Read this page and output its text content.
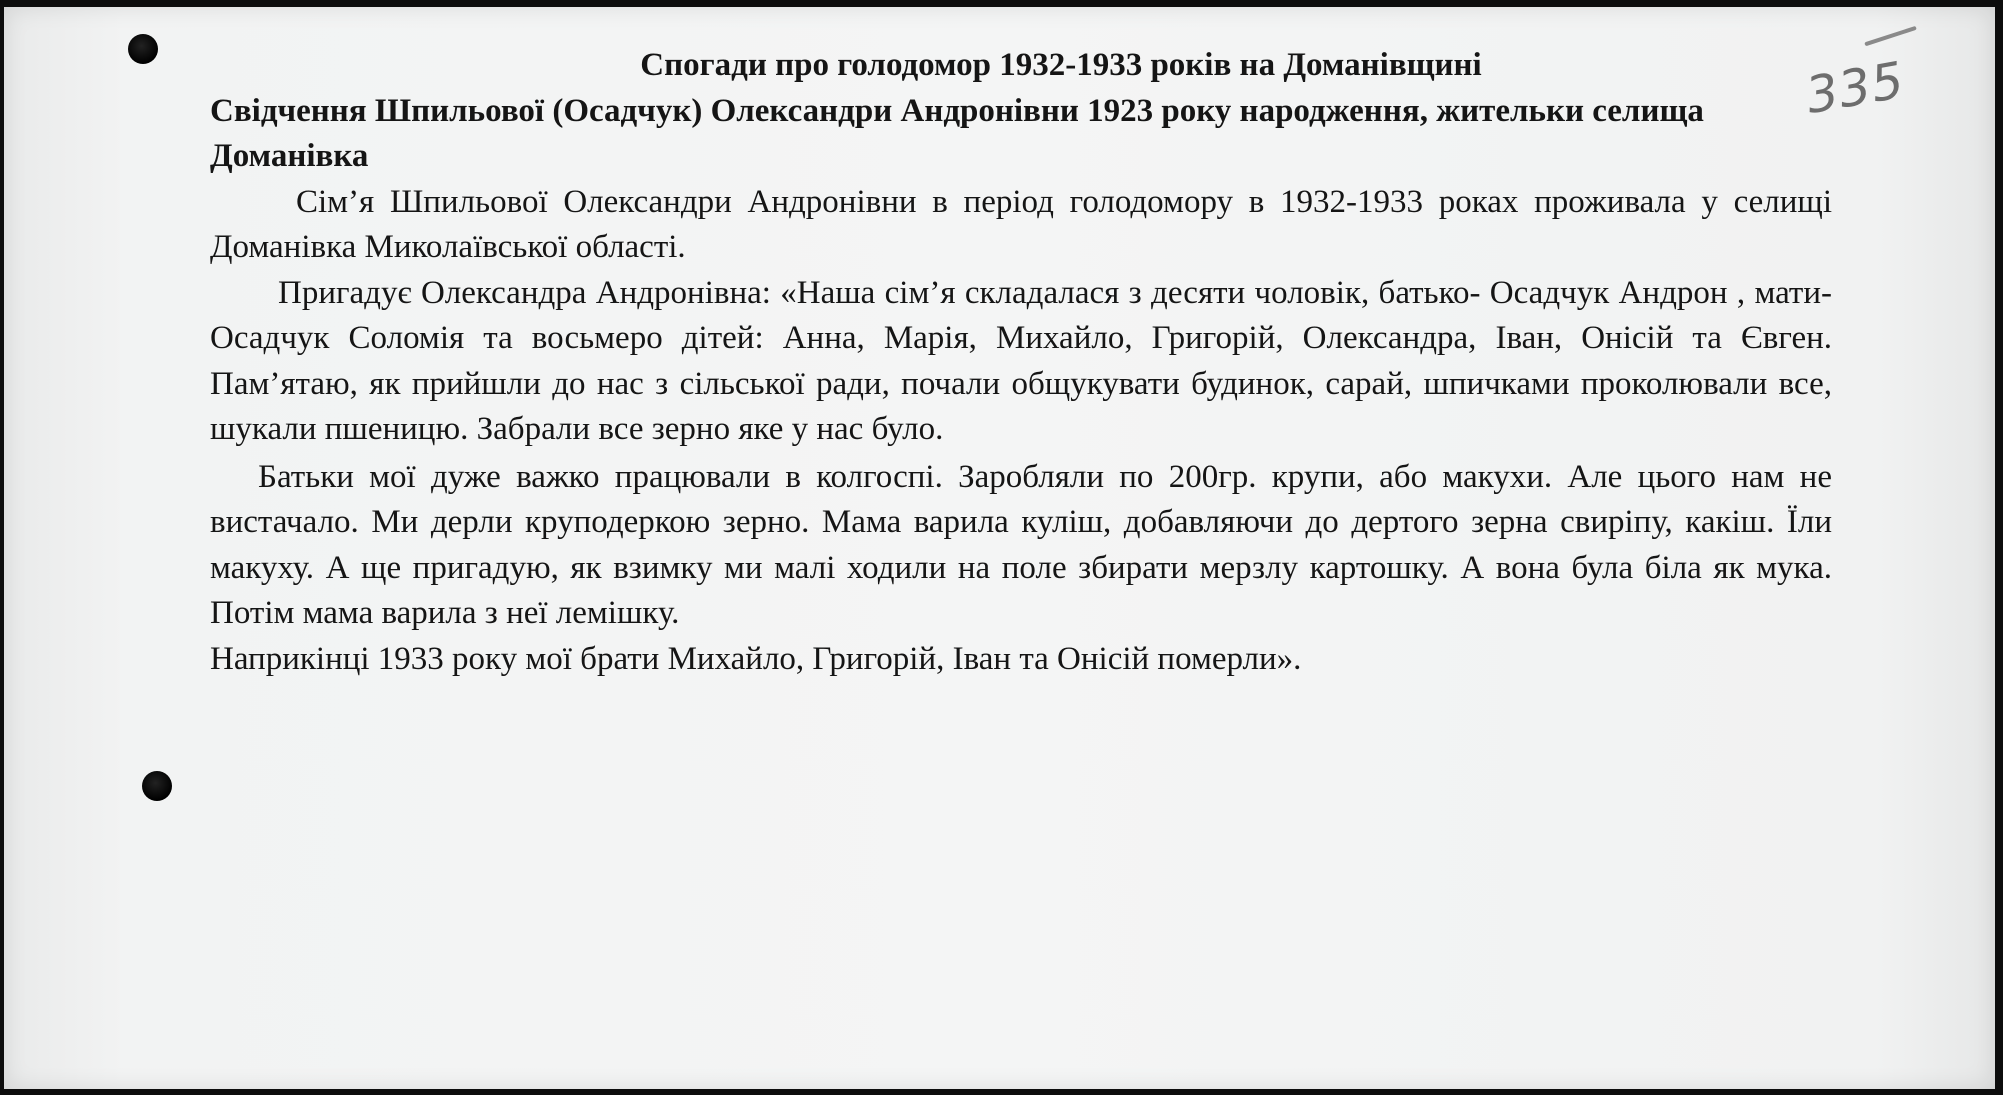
335

Спогади про голодомор 1932-1933 років на Доманівщині

Свідчення Шпильової (Осадчук) Олександри Андронівни 1923 року народження, жительки селища Доманівка

Сім’я Шпильової Олександри Андронівни в період голодомору в 1932-1933 роках проживала у селищі Доманівка Миколаївської області.

Пригадує Олександра Андронівна: «Наша сім’я складалася з десяти чоловік, батько- Осадчук Андрон , мати- Осадчук Соломія та восьмеро дітей: Анна, Марія, Михайло, Григорій, Олександра, Іван, Онісій та Євген. Пам’ятаю, як прийшли до нас з сільської ради, почали общукувати будинок, сарай, шпичками проколювали все, шукали пшеницю. Забрали все зерно яке у нас було.

Батьки мої дуже важко працювали в колгоспі. Заробляли по 200гр. крупи, або макухи. Але цього нам не вистачало. Ми дерли круподеркою зерно. Мама варила куліш, добавляючи до дертого зерна свиріпу, какіш. Їли макуху. А ще пригадую, як взимку ми малі ходили на поле збирати мерзлу картошку. А вона була біла як мука. Потім мама варила з неї лемішку.

Наприкінці 1933 року мої брати Михайло, Григорій, Іван та Онісій померли».
